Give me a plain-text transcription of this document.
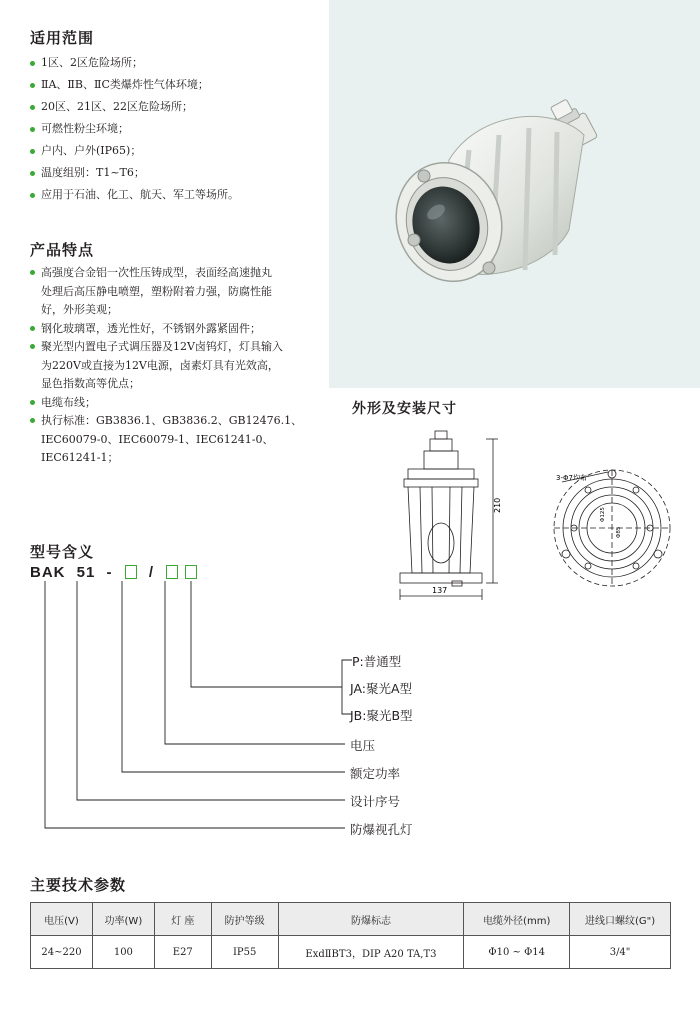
适用范围
1区、2区危险场所；
ⅡA、ⅡB、ⅡC类爆炸性气体环境；
20区、21区、22区危险场所；
可燃性粉尘环境；
户内、户外(IP65)；
温度组别：T1~T6；
应用于石油、化工、航天、军工等场所。
产品特点
高强度合金铝一次性压铸成型，表面经高速抛丸
处理后高压静电喷塑，塑粉附着力强，防腐性能
好，外形美观；
钢化玻璃罩，透光性好，不锈钢外露紧固件；
聚光型内置电子式调压器及12V卤钨灯，灯具输入
为220V或直接为12V电源，卤素灯具有光效高，
显色指数高等优点；
电缆布线；
执行标准：GB3836.1、GB3836.2、GB12476.1、
IEC60079-0、IEC60079-1、IEC61241-0、
IEC61241-1；
外形及安装尺寸
210
137
3-Φ7均布
Φ125
Φ85
型号含义
BAK 51 - /
P:普通型
JA:聚光A型
JB:聚光B型
电压
额定功率
设计序号
防爆视孔灯
主要技术参数
电压(V)	功率(W)	灯 座	防护等级	防爆标志	电缆外径(mm)	进线口螺纹(G")
24~220	100	E27	IP55	ExdⅡBT3，DIP A20 TA,T3	Φ10 ~ Φ14	3/4"
